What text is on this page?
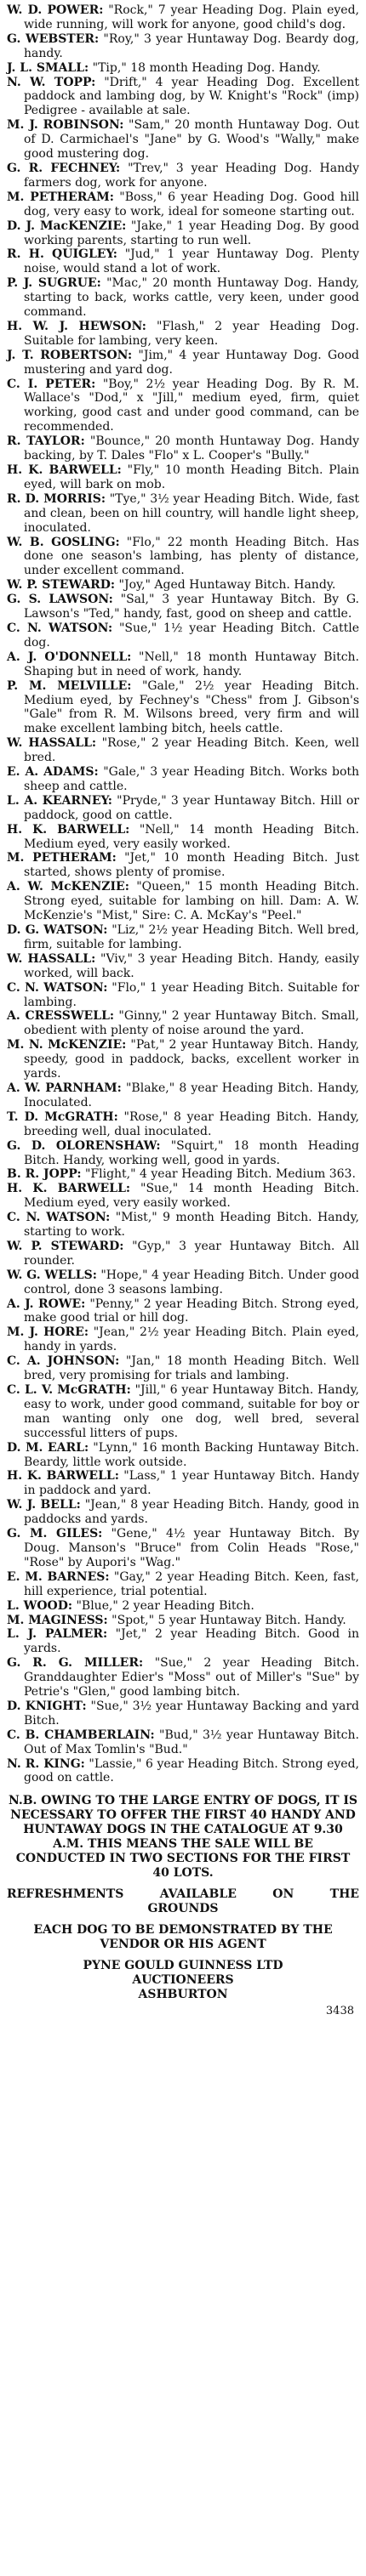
W. D. POWER: "Rock," 7 year Heading Dog. Plain eyed, wide running, will work for anyone, good child's dog.

G. WEBSTER: "Roy," 3 year Huntaway Dog. Beardy dog, handy.

J. L. SMALL: "Tip," 18 month Heading Dog. Handy.

N. W. TOPP: "Drift," 4 year Heading Dog. Excellent paddock and lambing dog, by W. Knight's "Rock" (imp) Pedigree - available at sale.

M. J. ROBINSON: "Sam," 20 month Huntaway Dog. Out of D. Carmichael's "Jane" by G. Wood's "Wally," make good mustering dog.

G. R. FECHNEY: "Trev," 3 year Heading Dog. Handy farmers dog, work for anyone.

M. PETHERAM: "Boss," 6 year Heading Dog. Good hill dog, very easy to work, ideal for someone starting out.

D. J. MacKENZIE: "Jake," 1 year Heading Dog. By good working parents, starting to run well.

R. H. QUIGLEY: "Jud," 1 year Huntaway Dog. Plenty noise, would stand a lot of work.

P. J. SUGRUE: "Mac," 20 month Huntaway Dog. Handy, starting to back, works cattle, very keen, under good command.

H. W. J. HEWSON: "Flash," 2 year Heading Dog. Suitable for lambing, very keen.

J. T. ROBERTSON: "Jim," 4 year Huntaway Dog. Good mustering and yard dog.

C. I. PETER: "Boy," 2½ year Heading Dog. By R. M. Wallace's "Dod," x "Jill," medium eyed, firm, quiet working, good cast and under good command, can be recommended.

R. TAYLOR: "Bounce," 20 month Huntaway Dog. Handy backing, by T. Dales "Flo" x L. Cooper's "Bully."

H. K. BARWELL: "Fly," 10 month Heading Bitch. Plain eyed, will bark on mob.

R. D. MORRIS: "Tye," 3½ year Heading Bitch. Wide, fast and clean, been on hill country, will handle light sheep, inoculated.

W. B. GOSLING: "Flo," 22 month Heading Bitch. Has done one season's lambing, has plenty of distance, under excellent command.

W. P. STEWARD: "Joy," Aged Huntaway Bitch. Handy.

G. S. LAWSON: "Sal," 3 year Huntaway Bitch. By G. Lawson's "Ted," handy, fast, good on sheep and cattle.

C. N. WATSON: "Sue," 1½ year Heading Bitch. Cattle dog.

A. J. O'DONNELL: "Nell," 18 month Huntaway Bitch. Shaping but in need of work, handy.

P. M. MELVILLE: "Gale," 2½ year Heading Bitch. Medium eyed, by Fechney's "Chess" from J. Gibson's "Gale" from R. M. Wilsons breed, very firm and will make excellent lambing bitch, heels cattle.

W. HASSALL: "Rose," 2 year Heading Bitch. Keen, well bred.

E. A. ADAMS: "Gale," 3 year Heading Bitch. Works both sheep and cattle.

L. A. KEARNEY: "Pryde," 3 year Huntaway Bitch. Hill or paddock, good on cattle.

H. K. BARWELL: "Nell," 14 month Heading Bitch. Medium eyed, very easily worked.

M. PETHERAM: "Jet," 10 month Heading Bitch. Just started, shows plenty of promise.

A. W. McKENZIE: "Queen," 15 month Heading Bitch. Strong eyed, suitable for lambing on hill. Dam: A. W. McKenzie's "Mist," Sire: C. A. McKay's "Peel."

D. G. WATSON: "Liz," 2½ year Heading Bitch. Well bred, firm, suitable for lambing.

W. HASSALL: "Viv," 3 year Heading Bitch. Handy, easily worked, will back.

C. N. WATSON: "Flo," 1 year Heading Bitch. Suitable for lambing.

A. CRESSWELL: "Ginny," 2 year Huntaway Bitch. Small, obedient with plenty of noise around the yard.

M. N. McKENZIE: "Pat," 2 year Huntaway Bitch. Handy, speedy, good in paddock, backs, excellent worker in yards.

A. W. PARNHAM: "Blake," 8 year Heading Bitch. Handy, Inoculated.

T. D. McGRATH: "Rose," 8 year Heading Bitch. Handy, breeding well, dual inoculated.

G. D. OLORENSHAW: "Squirt," 18 month Heading Bitch. Handy, working well, good in yards.

B. R. JOPP: "Flight," 4 year Heading Bitch. Medium 363.

H. K. BARWELL: "Sue," 14 month Heading Bitch. Medium eyed, very easily worked.

C. N. WATSON: "Mist," 9 month Heading Bitch. Handy, starting to work.

W. P. STEWARD: "Gyp," 3 year Huntaway Bitch. All rounder.

W. G. WELLS: "Hope," 4 year Heading Bitch. Under good control, done 3 seasons lambing.

A. J. ROWE: "Penny," 2 year Heading Bitch. Strong eyed, make good trial or hill dog.

M. J. HORE: "Jean," 2½ year Heading Bitch. Plain eyed, handy in yards.

C. A. JOHNSON: "Jan," 18 month Heading Bitch. Well bred, very promising for trials and lambing.

C. L. V. McGRATH: "Jill," 6 year Huntaway Bitch. Handy, easy to work, under good command, suitable for boy or man wanting only one dog, well bred, several successful litters of pups.

D. M. EARL: "Lynn," 16 month Backing Huntaway Bitch. Beardy, little work outside.

H. K. BARWELL: "Lass," 1 year Huntaway Bitch. Handy in paddock and yard.

W. J. BELL: "Jean," 8 year Heading Bitch. Handy, good in paddocks and yards.

G. M. GILES: "Gene," 4½ year Huntaway Bitch. By Doug. Manson's "Bruce" from Colin Heads "Rose," "Rose" by Aupori's "Wag."

E. M. BARNES: "Gay," 2 year Heading Bitch. Keen, fast, hill experience, trial potential.

L. WOOD: "Blue," 2 year Heading Bitch.

M. MAGINESS: "Spot," 5 year Huntaway Bitch. Handy.

L. J. PALMER: "Jet," 2 year Heading Bitch. Good in yards.

G. R. G. MILLER: "Sue," 2 year Heading Bitch. Granddaughter Edier's "Moss" out of Miller's "Sue" by Petrie's "Glen," good lambing bitch.

D. KNIGHT: "Sue," 3½ year Huntaway Backing and yard Bitch.

C. B. CHAMBERLAIN: "Bud," 3½ year Huntaway Bitch. Out of Max Tomlin's "Bud."

N. R. KING: "Lassie," 6 year Heading Bitch. Strong eyed, good on cattle.

N.B. OWING TO THE LARGE ENTRY OF DOGS, IT IS NECESSARY TO OFFER THE FIRST 40 HANDY AND HUNTAWAY DOGS IN THE CATALOGUE AT 9.30 A.M. THIS MEANS THE SALE WILL BE CONDUCTED IN TWO SECTIONS FOR THE FIRST 40 LOTS.

REFRESHMENTS	AVAILABLE	ON	THE

GROUNDS

EACH DOG TO BE DEMONSTRATED BY THE VENDOR OR HIS AGENT

PYNE GOULD GUINNESS LTD
AUCTIONEERS
ASHBURTON
3438
